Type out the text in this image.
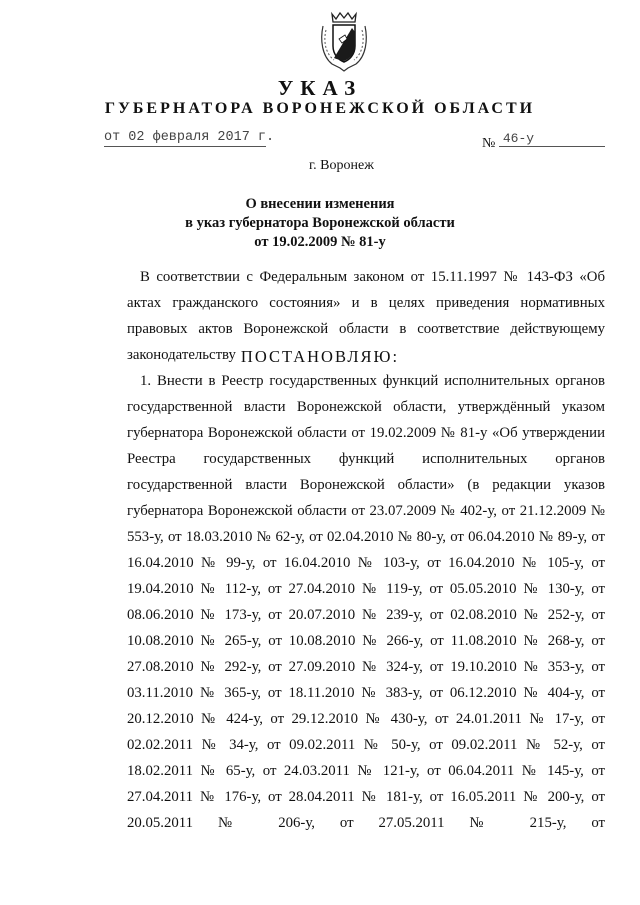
УКАЗ
ГУБЕРНАТОРА ВОРОНЕЖСКОЙ ОБЛАСТИ
от 02 февраля 2017 г.	№ 46-у
г. Воронеж
О внесении изменения
в указ губернатора Воронежской области
от 19.02.2009 № 81-у
В соответствии с Федеральным законом от 15.11.1997 № 143-ФЗ «Об актах гражданского состояния» и в целях приведения нормативных правовых актов Воронежской области в соответствие действующему законодательству ПОСТАНОВЛЯЮ:
1. Внести в Реестр государственных функций исполнительных органов государственной власти Воронежской области, утверждённый указом губернатора Воронежской области от 19.02.2009 № 81-у «Об утверждении Реестра государственных функций исполнительных органов государственной власти Воронежской области» (в редакции указов губернатора Воронежской области от 23.07.2009 № 402-у, от 21.12.2009 № 553-у, от 18.03.2010 № 62-у, от 02.04.2010 № 80-у, от 06.04.2010 № 89-у, от 16.04.2010 № 99-у, от 16.04.2010 № 103-у, от 16.04.2010 № 105-у, от 19.04.2010 № 112-у, от 27.04.2010 № 119-у, от 05.05.2010 № 130-у, от 08.06.2010 № 173-у, от 20.07.2010 № 239-у, от 02.08.2010 № 252-у, от 10.08.2010 № 265-у, от 10.08.2010 № 266-у, от 11.08.2010 № 268-у, от 27.08.2010 № 292-у, от 27.09.2010 № 324-у, от 19.10.2010 № 353-у, от 03.11.2010 № 365-у, от 18.11.2010 № 383-у, от 06.12.2010 № 404-у, от 20.12.2010 № 424-у, от 29.12.2010 № 430-у, от 24.01.2011 № 17-у, от 02.02.2011 № 34-у, от 09.02.2011 № 50-у, от 09.02.2011 № 52-у, от 18.02.2011 № 65-у, от 24.03.2011 № 121-у, от 06.04.2011 № 145-у, от 27.04.2011 № 176-у, от 28.04.2011 № 181-у, от 16.05.2011 № 200-у, от 20.05.2011 № 206-у, от 27.05.2011 № 215-у, от
